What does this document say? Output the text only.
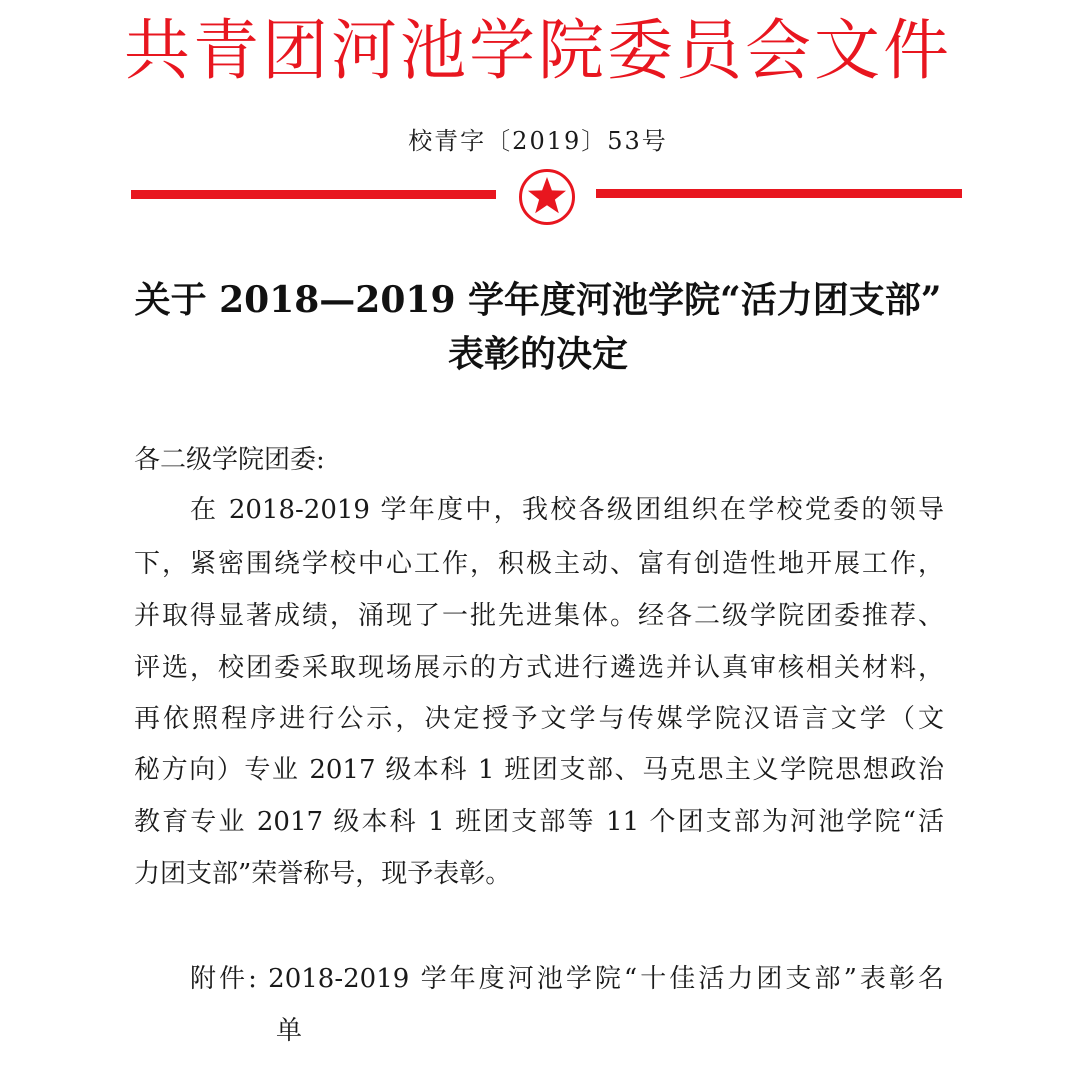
共青团河池学院委员会文件
校青字〔2019〕53号
关于 2018—2019 学年度河池学院“活力团支部”
表彰的决定
各二级学院团委:
在 2018-2019 学年度中，我校各级团组织在学校党委的领导
下，紧密围绕学校中心工作，积极主动、富有创造性地开展工作，
并取得显著成绩，涌现了一批先进集体。经各二级学院团委推荐、
评选，校团委采取现场展示的方式进行遴选并认真审核相关材料，
再依照程序进行公示，决定授予文学与传媒学院汉语言文学（文
秘方向）专业 2017 级本科 1 班团支部、马克思主义学院思想政治
教育专业 2017 级本科 1 班团支部等 11 个团支部为河池学院“活
力团支部”荣誉称号，现予表彰。
附件: 2018-2019 学年度河池学院“十佳活力团支部”表彰名
单
